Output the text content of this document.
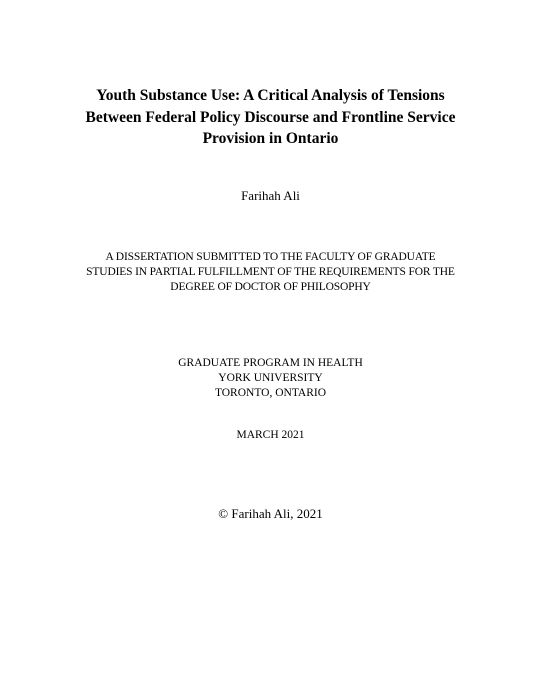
Youth Substance Use: A Critical Analysis of Tensions
Between Federal Policy Discourse and Frontline Service
Provision in Ontario
Farihah Ali
A DISSERTATION SUBMITTED TO THE FACULTY OF GRADUATE
STUDIES IN PARTIAL FULFILLMENT OF THE REQUIREMENTS FOR THE
DEGREE OF DOCTOR OF PHILOSOPHY
GRADUATE PROGRAM IN HEALTH
YORK UNIVERSITY
TORONTO, ONTARIO
MARCH 2021
© Farihah Ali, 2021
